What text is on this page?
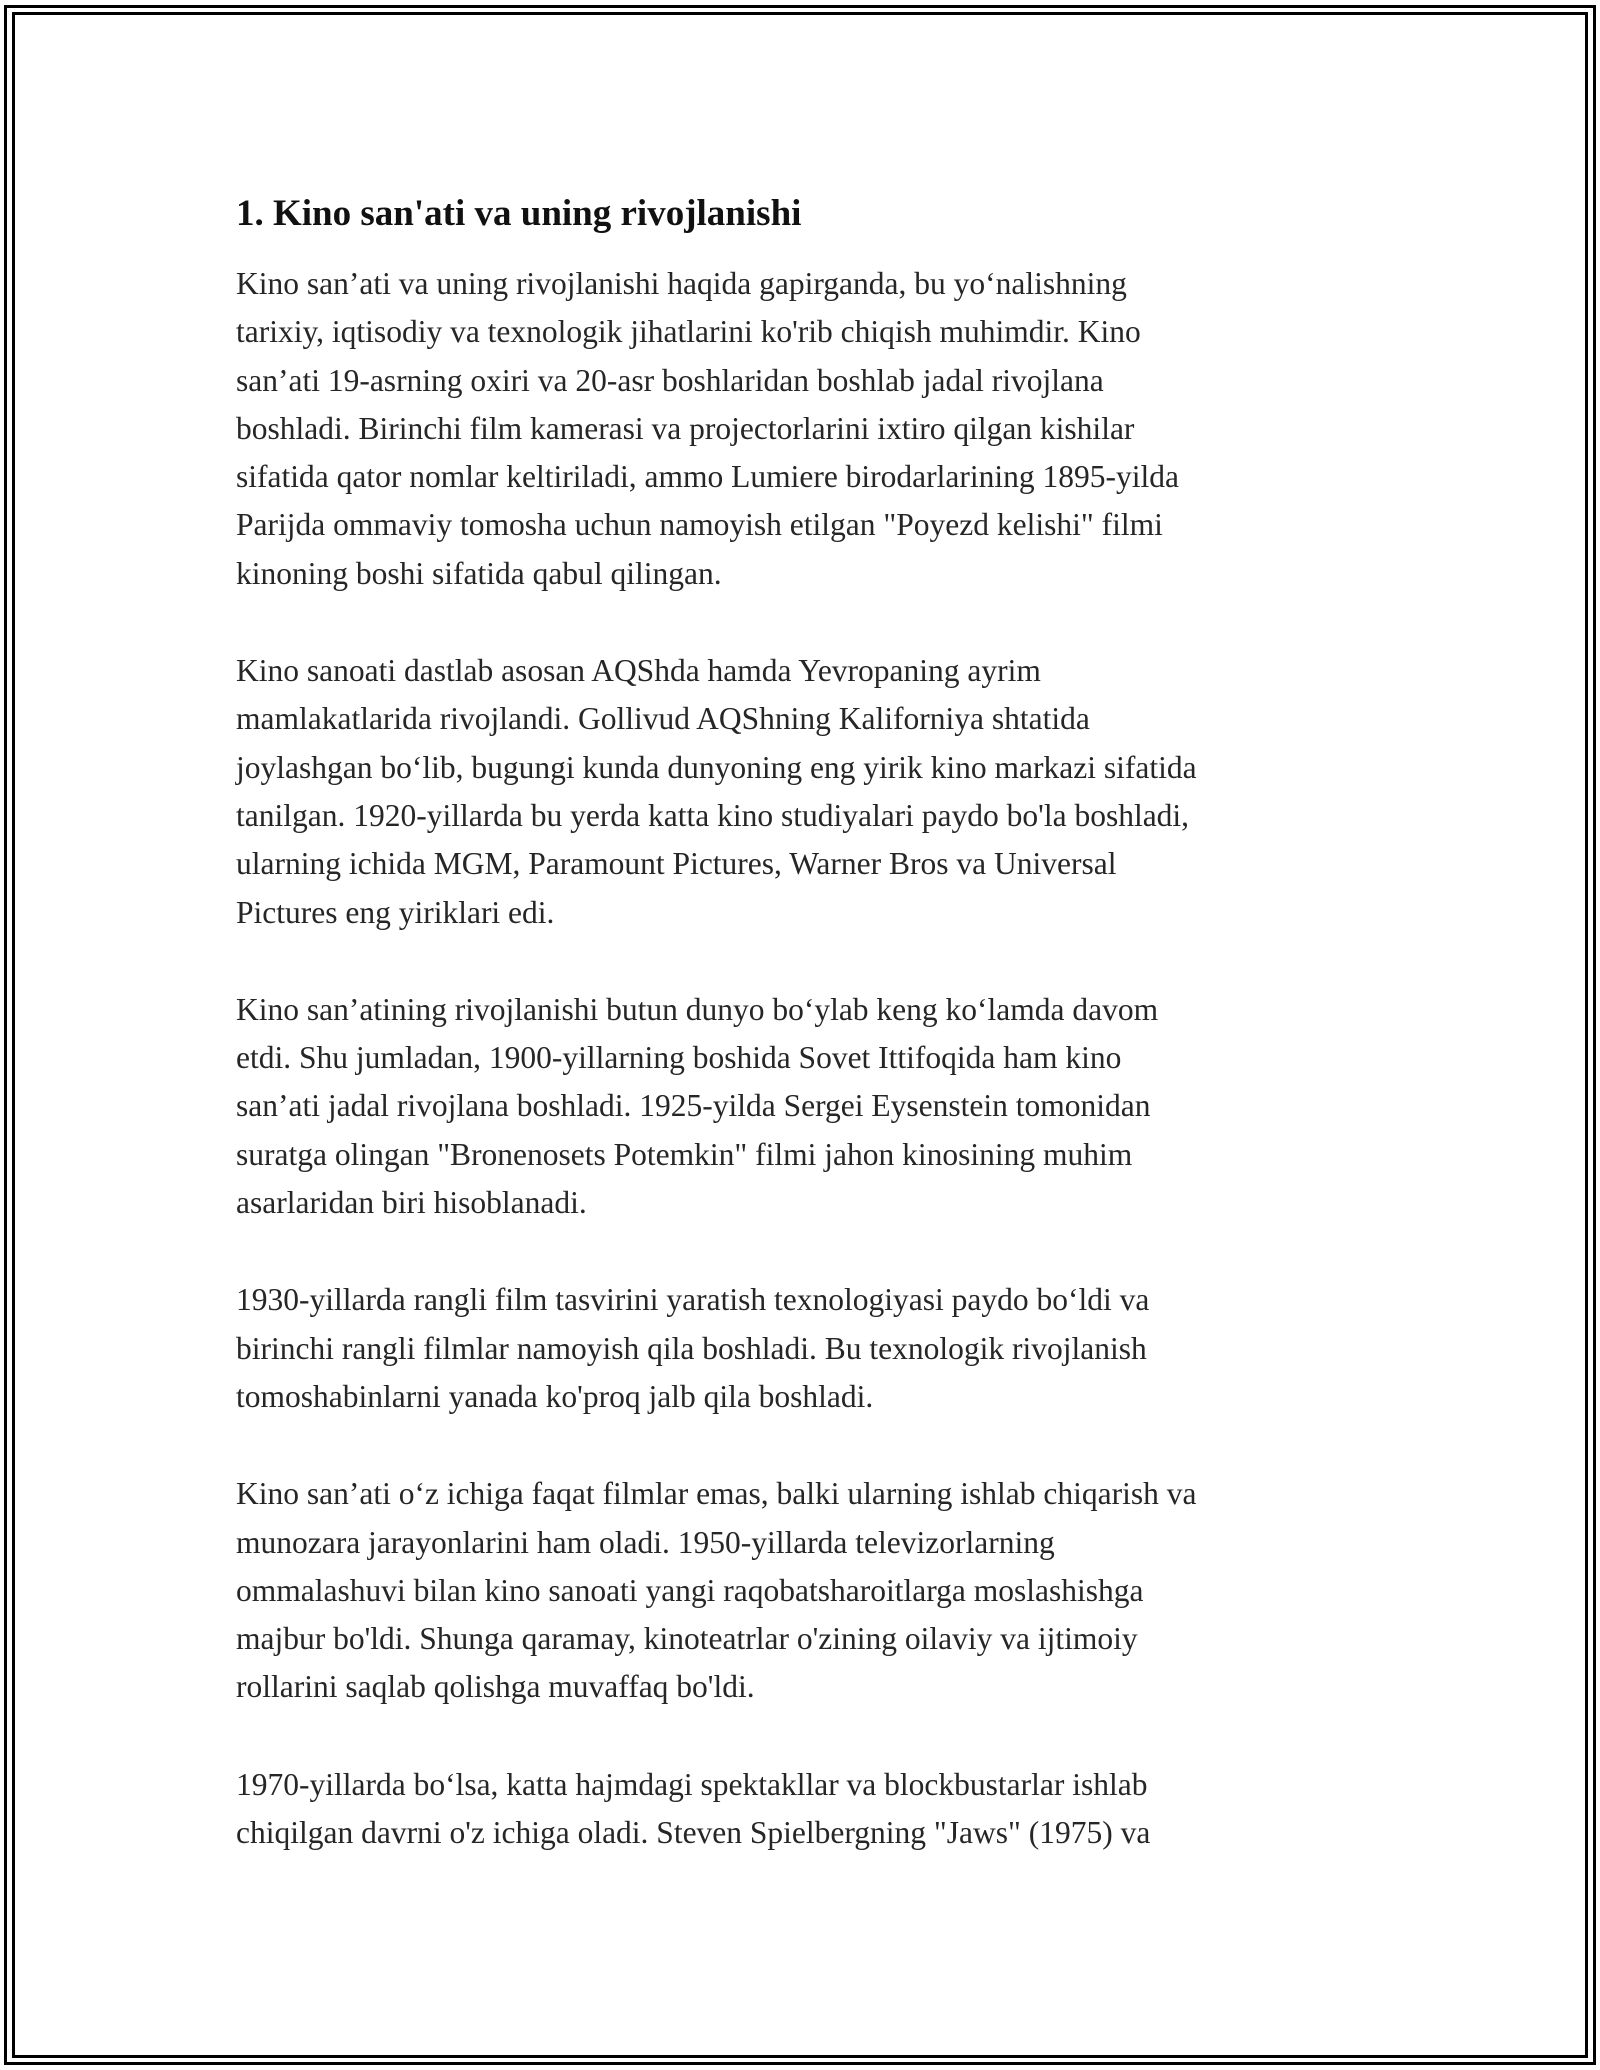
1. Kino san'ati va uning rivojlanishi

Kino san’ati va uning rivojlanishi haqida gapirganda, bu yo‘nalishning
tarixiy, iqtisodiy va texnologik jihatlarini ko'rib chiqish muhimdir. Kino
san’ati 19-asrning oxiri va 20-asr boshlaridan boshlab jadal rivojlana
boshladi. Birinchi film kamerasi va projectorlarini ixtiro qilgan kishilar
sifatida qator nomlar keltiriladi, ammo Lumiere birodarlarining 1895-yilda
Parijda ommaviy tomosha uchun namoyish etilgan "Poyezd kelishi" filmi
kinoning boshi sifatida qabul qilingan.

Kino sanoati dastlab asosan AQShda hamda Yevropaning ayrim
mamlakatlarida rivojlandi. Gollivud AQShning Kaliforniya shtatida
joylashgan bo‘lib, bugungi kunda dunyoning eng yirik kino markazi sifatida
tanilgan. 1920-yillarda bu yerda katta kino studiyalari paydo bo'la boshladi,
ularning ichida MGM, Paramount Pictures, Warner Bros va Universal
Pictures eng yiriklari edi.

Kino san’atining rivojlanishi butun dunyo bo‘ylab keng ko‘lamda davom
etdi. Shu jumladan, 1900-yillarning boshida Sovet Ittifoqida ham kino
san’ati jadal rivojlana boshladi. 1925-yilda Sergei Eysenstein tomonidan
suratga olingan "Bronenosets Potemkin" filmi jahon kinosining muhim
asarlaridan biri hisoblanadi.

1930-yillarda rangli film tasvirini yaratish texnologiyasi paydo bo‘ldi va
birinchi rangli filmlar namoyish qila boshladi. Bu texnologik rivojlanish
tomoshabinlarni yanada ko'proq jalb qila boshladi.

Kino san’ati o‘z ichiga faqat filmlar emas, balki ularning ishlab chiqarish va
munozara jarayonlarini ham oladi. 1950-yillarda televizorlarning
ommalashuvi bilan kino sanoati yangi raqobatsharoitlarga moslashishga
majbur bo'ldi. Shunga qaramay, kinoteatrlar o'zining oilaviy va ijtimoiy
rollarini saqlab qolishga muvaffaq bo'ldi.

1970-yillarda bo‘lsa, katta hajmdagi spektakllar va blockbustarlar ishlab
chiqilgan davrni o'z ichiga oladi. Steven Spielbergning "Jaws" (1975) va
